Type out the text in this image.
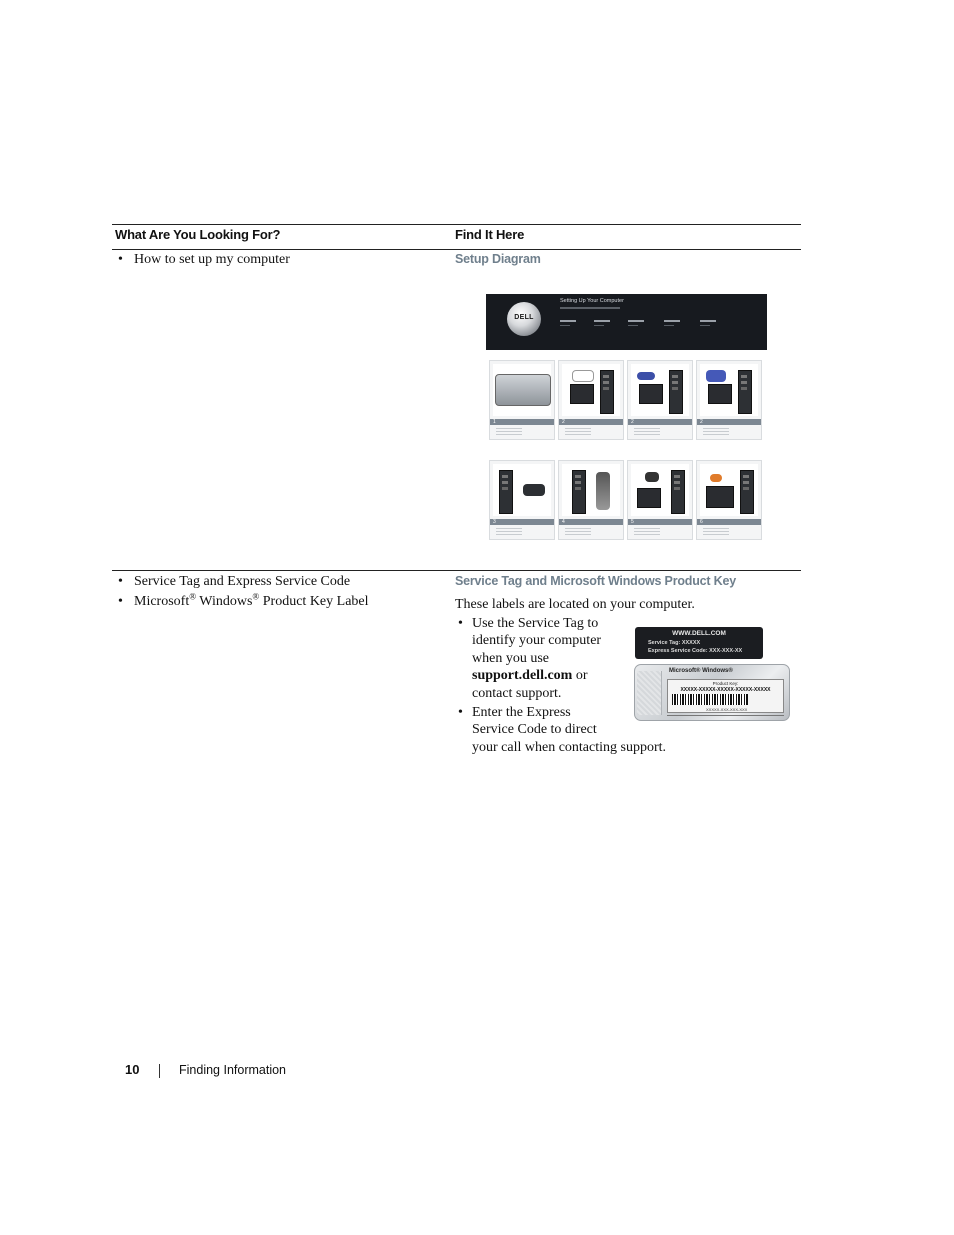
What Are You Looking For?	Find It Here
• How to set up my computer	Setup Diagram
DELL
Setting Up Your Computer
1	2	2	2
3	4	5	6
• Service Tag and Express Service Code
• Microsoft® Windows® Product Key Label
Service Tag and Microsoft Windows Product Key
These labels are located on your computer.
• Use the Service Tag to
identify your computer
when you use
support.dell.com or
contact support.
• Enter the Express
Service Code to direct
your call when contacting support.
WWW.DELL.COM
Service Tag: XXXXX
Express Service Code: XXX-XXX-XX
Microsoft® Windows®
Product Key:
XXXXX-XXXXX-XXXXX-XXXXX-XXXXX
XXXXX-XXX-XXX-XXX
10	Finding Information
